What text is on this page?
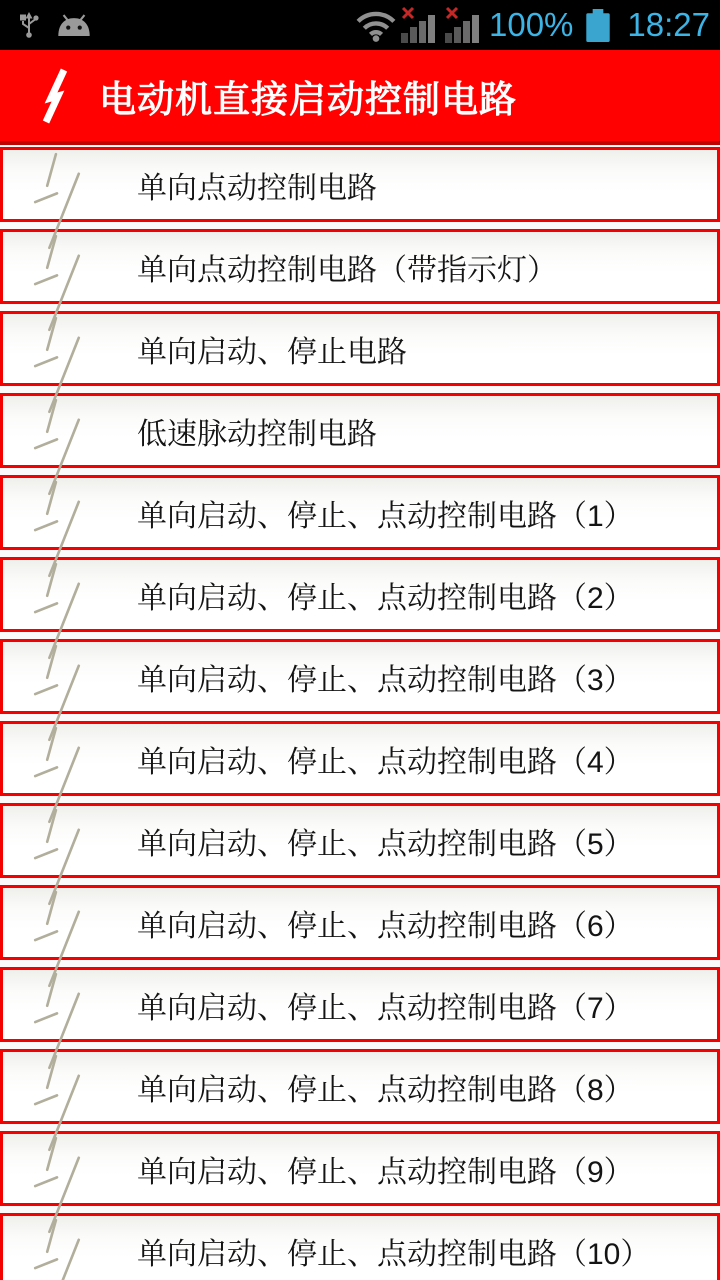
100% 18:27
电动机直接启动控制电路
单向点动控制电路
单向点动控制电路（带指示灯）
单向启动、停止电路
低速脉动控制电路
单向启动、停止、点动控制电路（1）
单向启动、停止、点动控制电路（2）
单向启动、停止、点动控制电路（3）
单向启动、停止、点动控制电路（4）
单向启动、停止、点动控制电路（5）
单向启动、停止、点动控制电路（6）
单向启动、停止、点动控制电路（7）
单向启动、停止、点动控制电路（8）
单向启动、停止、点动控制电路（9）
单向启动、停止、点动控制电路（10）
